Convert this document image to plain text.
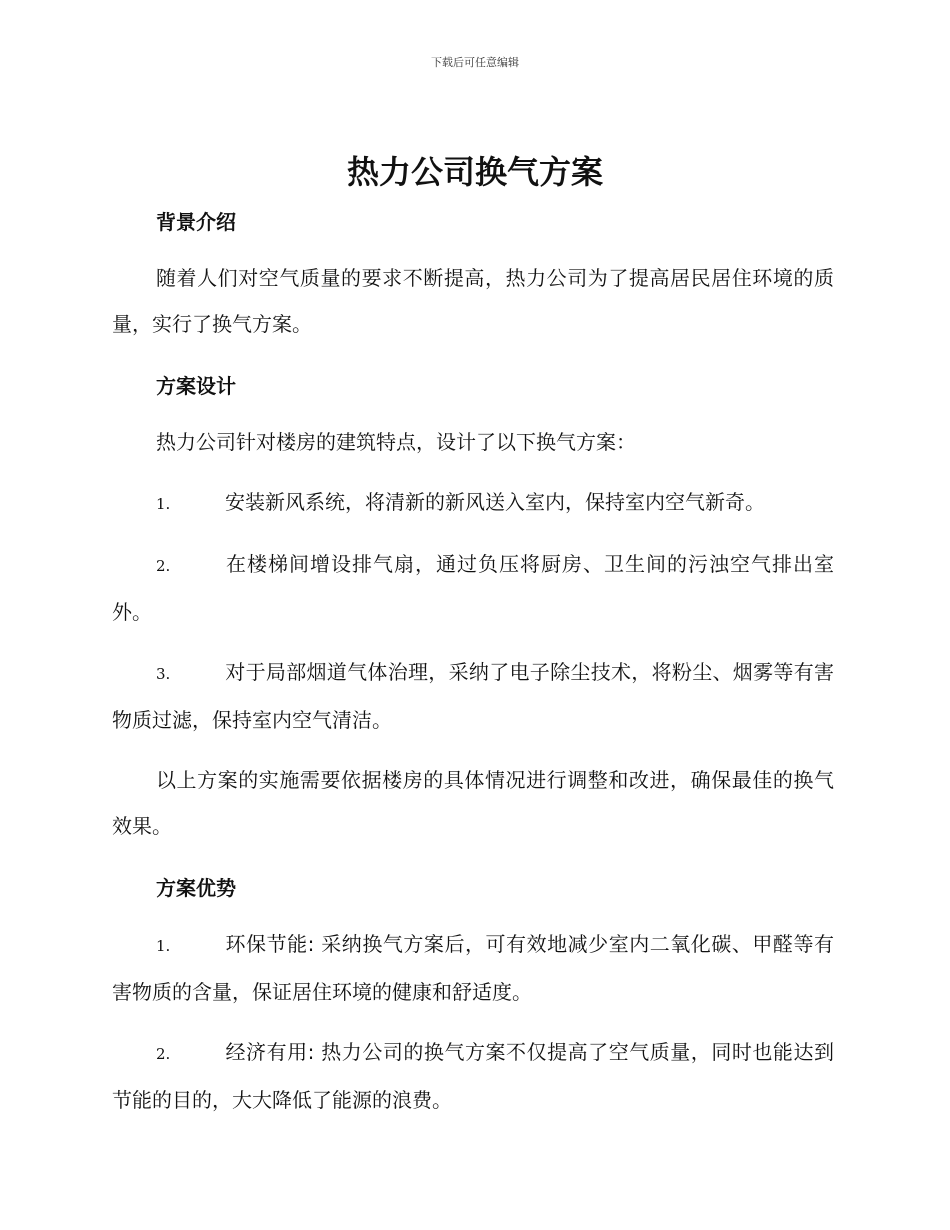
下载后可任意编辑
热力公司换气方案
背景介绍

随着人们对空气质量的要求不断提高，热力公司为了提高居民居住环境的质量，实行了换气方案。

方案设计

热力公司针对楼房的建筑特点，设计了以下换气方案：

1.	安装新风系统，将清新的新风送入室内，保持室内空气新奇。

2.	在楼梯间增设排气扇，通过负压将厨房、卫生间的污浊空气排出室外。

3.	对于局部烟道气体治理，采纳了电子除尘技术，将粉尘、烟雾等有害物质过滤，保持室内空气清洁。

以上方案的实施需要依据楼房的具体情况进行调整和改进，确保最佳的换气效果。

方案优势

1.	环保节能: 采纳换气方案后，可有效地减少室内二氧化碳、甲醛等有害物质的含量，保证居住环境的健康和舒适度。

2.	经济有用: 热力公司的换气方案不仅提高了空气质量，同时也能达到节能的目的，大大降低了能源的浪费。
